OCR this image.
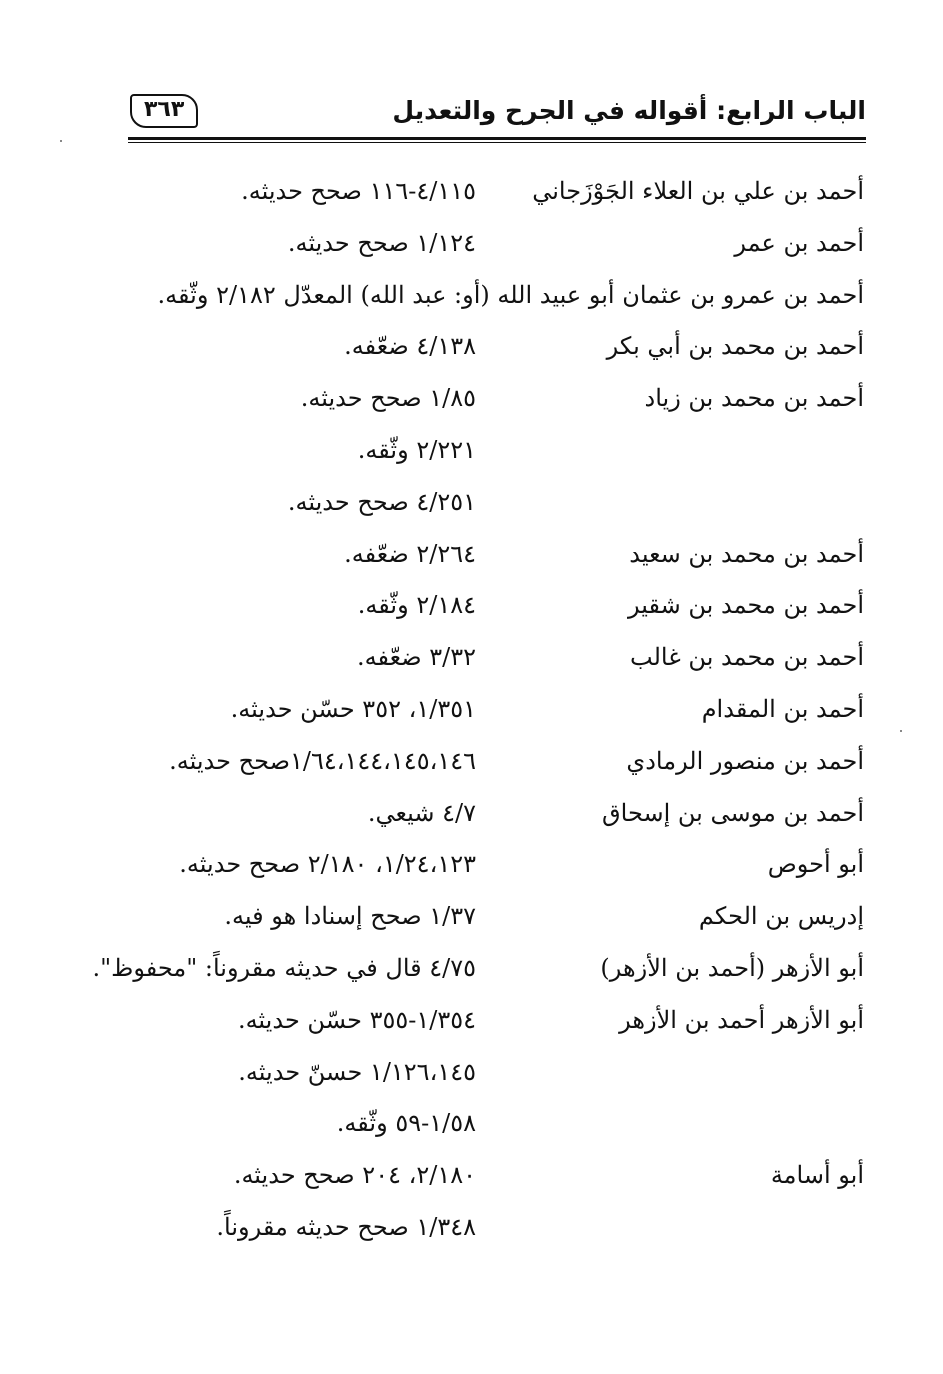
الباب الرابع: أقواله في الجرح والتعديل
٣٦٣
أحمد بن علي بن العلاء الجَوْزَجاني
٤/١١٥-١١٦ صحح حديثه.
أحمد بن عمر
١/١٢٤ صحح حديثه.
أحمد بن عمرو بن عثمان أبو عبيد الله (أو: عبد الله) المعدّل ٢/١٨٢ وثّقه.
أحمد بن محمد بن أبي بكر
٤/١٣٨ ضعّفه.
أحمد بن محمد بن زياد
١/٨٥ صحح حديثه.
٢/٢٢١ وثّقه.
٤/٢٥١ صحح حديثه.
أحمد بن محمد بن سعيد
٢/٢٦٤ ضعّفه.
أحمد بن محمد بن شقير
٢/١٨٤ وثّقه.
أحمد بن محمد بن غالب
٣/٣٢ ضعّفه.
أحمد بن المقدام
١/٣٥١، ٣٥٢ حسّن حديثه.
أحمد بن منصور الرمادي
١/٦٤،١٤٤،١٤٥،١٤٦صحح حديثه.
أحمد بن موسى بن إسحاق
٤/٧ شيعي.
أبو أحوص
١/٢٤،١٢٣، ٢/١٨٠ صحح حديثه.
إدريس بن الحكم
١/٣٧ صحح إسنادا هو فيه.
أبو الأزهر (أحمد بن الأزهر)
٤/٧٥ قال في حديثه مقروناً: "محفوظ".
أبو الأزهر أحمد بن الأزهر
١/٣٥٤-٣٥٥ حسّن حديثه.
١/١٢٦،١٤٥ حسنّ حديثه.
١/٥٨-٥٩ وثّقه.
أبو أسامة
٢/١٨٠، ٢٠٤ صحح حديثه.
١/٣٤٨ صحح حديثه مقروناً.
